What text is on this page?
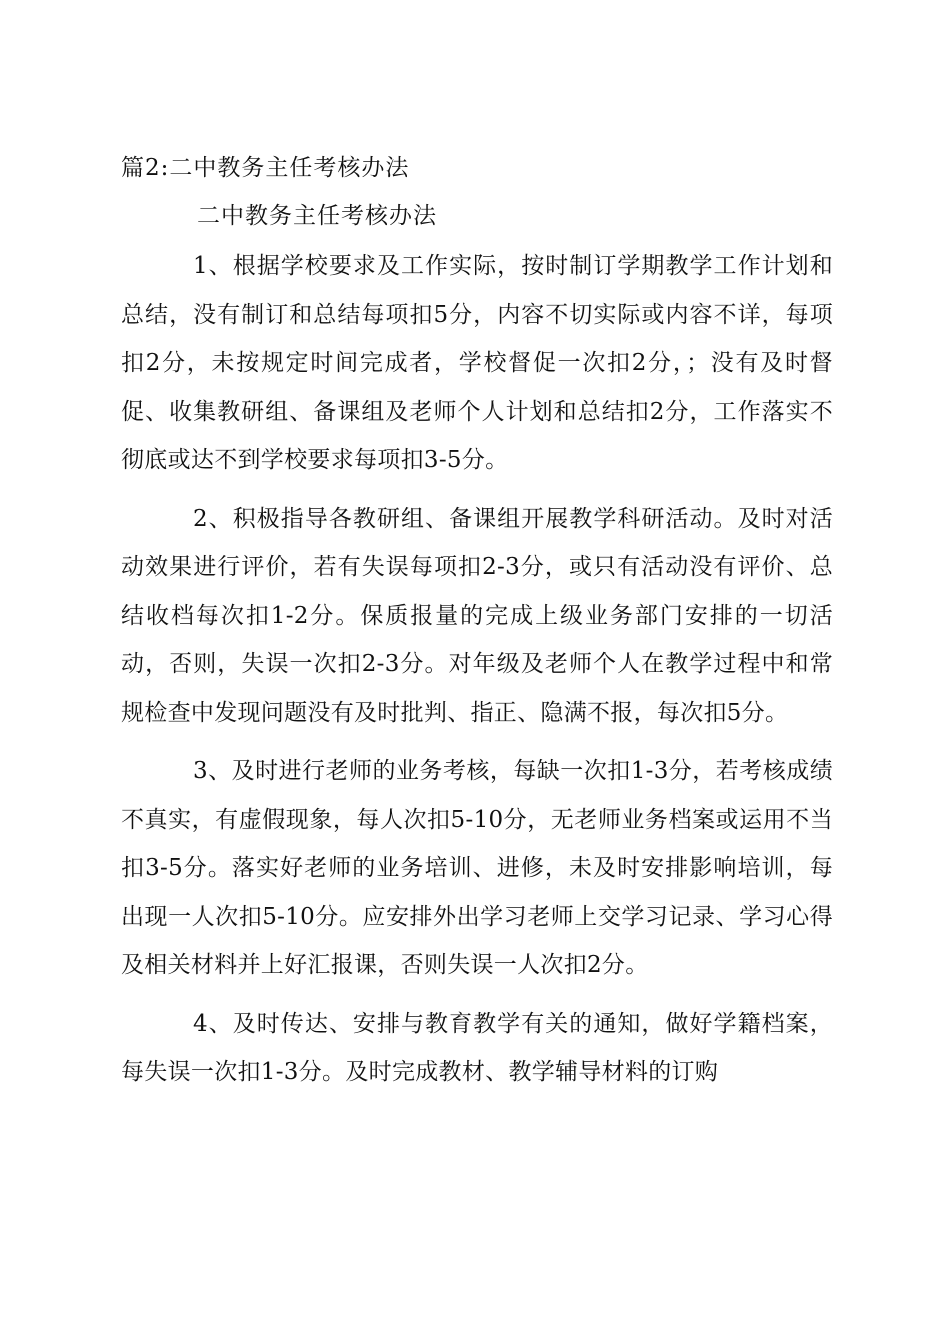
篇2:二中教务主任考核办法
二中教务主任考核办法

1、根据学校要求及工作实际，按时制订学期教学工作计划和总结，没有制订和总结每项扣5分，内容不切实际或内容不详，每项扣2分，未按规定时间完成者，学校督促一次扣2分，；没有及时督促、收集教研组、备课组及老师个人计划和总结扣2分，工作落实不彻底或达不到学校要求每项扣3-5分。

2、积极指导各教研组、备课组开展教学科研活动。及时对活动效果进行评价，若有失误每项扣2-3分，或只有活动没有评价、总结收档每次扣1-2分。保质报量的完成上级业务部门安排的一切活动，否则，失误一次扣2-3分。对年级及老师个人在教学过程中和常规检查中发现问题没有及时批判、指正、隐满不报，每次扣5分。

3、及时进行老师的业务考核，每缺一次扣1-3分，若考核成绩不真实，有虚假现象，每人次扣5-10分，无老师业务档案或运用不当扣3-5分。落实好老师的业务培训、进修，未及时安排影响培训，每出现一人次扣5-10分。应安排外出学习老师上交学习记录、学习心得及相关材料并上好汇报课，否则失误一人次扣2分。

4、及时传达、安排与教育教学有关的通知，做好学籍档案，每失误一次扣1-3分。及时完成教材、教学辅导材料的订购
